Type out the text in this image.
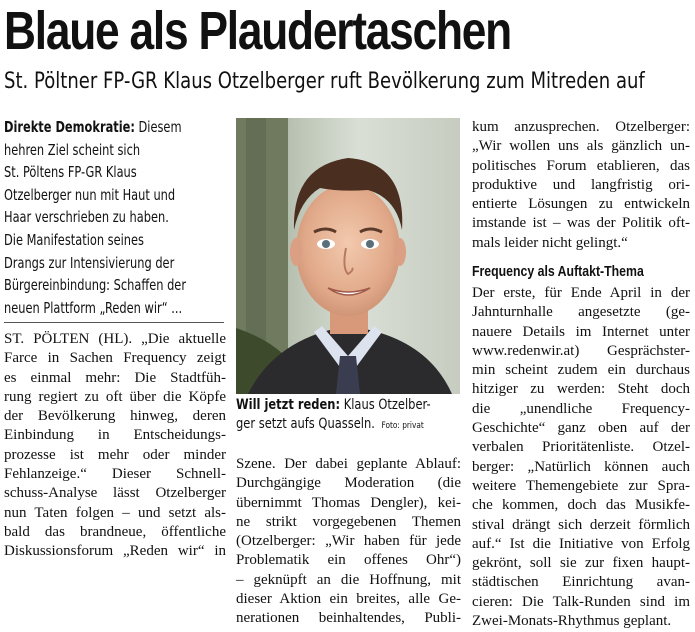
Blaue als Plaudertaschen
St. Pöltner FP-GR Klaus Otzelberger ruft Bevölkerung zum Mitreden auf

Direkte Demokratie: Diesem

hehren Ziel scheint sich

St. Pöltens FP-GR Klaus

Otzelberger nun mit Haut und

Haar verschrieben zu haben.

Die Manifestation seines

Drangs zur Intensivierung der

Bürgereinbindung: Schaffen der

neuen Plattform „Reden wir“ ...

ST. PÖLTEN (HL). „Die aktuelle

Farce in Sachen Frequency zeigt

es einmal mehr: Die Stadtfüh-

rung regiert zu oft über die Köpfe

der Bevölkerung hinweg, deren

Einbindung in Entscheidungs-

prozesse ist mehr oder minder

Fehlanzeige.“ Dieser Schnell-

schuss-Analyse lässt Otzelberger

nun Taten folgen – und setzt als-

bald das brandneue, öffentliche

Diskussionsforum „Reden wir“ in

Will jetzt reden: Klaus Otzelber-

ger setzt aufs Quasseln. Foto: privat

Szene. Der dabei geplante Ablauf:

Durchgängige Moderation (die

übernimmt Thomas Dengler), kei-

ne strikt vorgegebenen Themen

(Otzelberger: „Wir haben für jede

Problematik ein offenes Ohr“)

– geknüpft an die Hoffnung, mit

dieser Aktion ein breites, alle Ge-

nerationen beinhaltendes, Publi-

kum anzusprechen. Otzelberger:

„Wir wollen uns als gänzlich un-

politisches Forum etablieren, das

produktive und langfristig ori-

entierte Lösungen zu entwickeln

imstande ist – was der Politik oft-

mals leider nicht gelingt.“

Frequency als Auftakt-Thema

Der erste, für Ende April in der

Jahnturnhalle angesetzte (ge-

nauere Details im Internet unter

www.redenwir.at) Gesprächster-

min scheint zudem ein durchaus

hitziger zu werden: Steht doch

die „unendliche Frequency-

Geschichte“ ganz oben auf der

verbalen Prioritätenliste. Otzel-

berger: „Natürlich können auch

weitere Themengebiete zur Spra-

che kommen, doch das Musikfe-

stival drängt sich derzeit förmlich

auf.“ Ist die Initiative von Erfolg

gekrönt, soll sie zur fixen haupt-

städtischen Einrichtung avan-

cieren: Die Talk-Runden sind im

Zwei-Monats-Rhythmus geplant.
